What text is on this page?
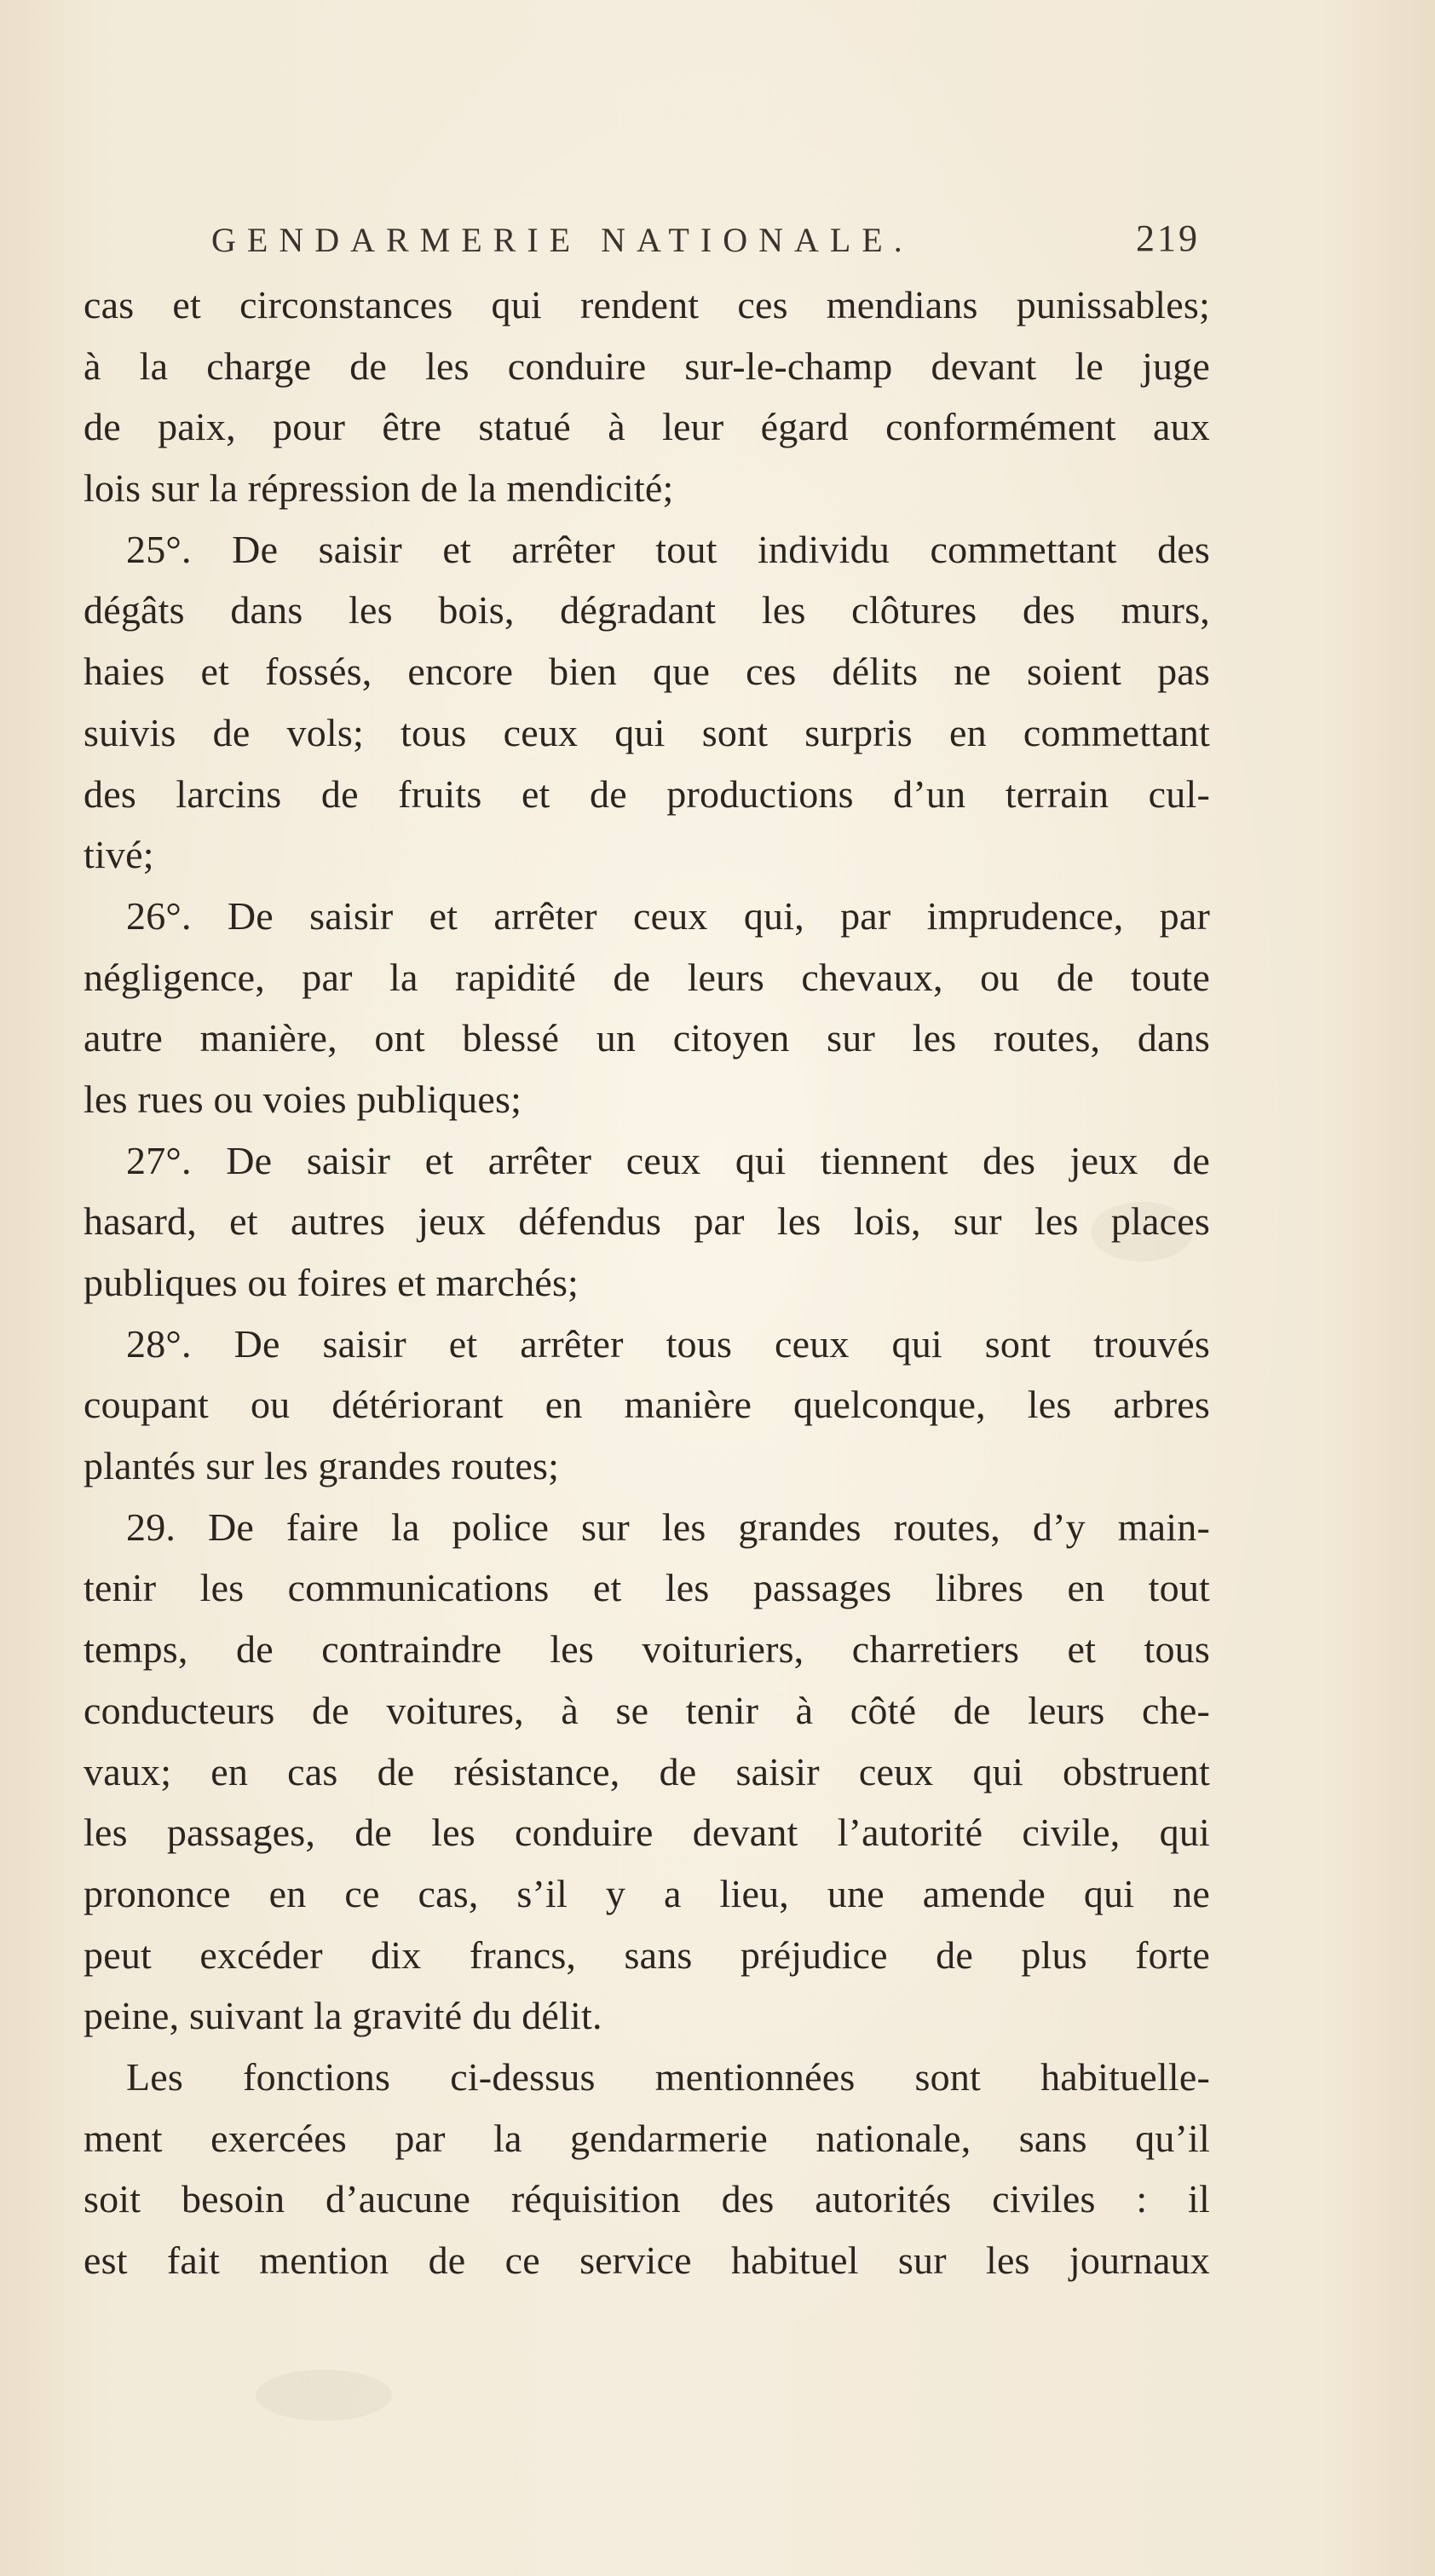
GENDARMERIE NATIONALE.	219
cas et circonstances qui rendent ces mendians punissables;
à la charge de les conduire sur-le-champ devant le juge
de paix, pour être statué à leur égard conformément aux
lois sur la répression de la mendicité;
25°. De saisir et arrêter tout individu commettant des
dégâts dans les bois, dégradant les clôtures des murs,
haies et fossés, encore bien que ces délits ne soient pas
suivis de vols; tous ceux qui sont surpris en commettant
des larcins de fruits et de productions d’un terrain cul-
tivé;
26°. De saisir et arrêter ceux qui, par imprudence, par
négligence, par la rapidité de leurs chevaux, ou de toute
autre manière, ont blessé un citoyen sur les routes, dans
les rues ou voies publiques;
27°. De saisir et arrêter ceux qui tiennent des jeux de
hasard, et autres jeux défendus par les lois, sur les places
publiques ou foires et marchés;
28°. De saisir et arrêter tous ceux qui sont trouvés
coupant ou détériorant en manière quelconque, les arbres
plantés sur les grandes routes;
29. De faire la police sur les grandes routes, d’y main-
tenir les communications et les passages libres en tout
temps, de contraindre les voituriers, charretiers et tous
conducteurs de voitures, à se tenir à côté de leurs che-
vaux; en cas de résistance, de saisir ceux qui obstruent
les passages, de les conduire devant l’autorité civile, qui
prononce en ce cas, s’il y a lieu, une amende qui ne
peut excéder dix francs, sans préjudice de plus forte
peine, suivant la gravité du délit.
Les fonctions ci-dessus mentionnées sont habituelle-
ment exercées par la gendarmerie nationale, sans qu’il
soit besoin d’aucune réquisition des autorités civiles : il
est fait mention de ce service habituel sur les journaux
